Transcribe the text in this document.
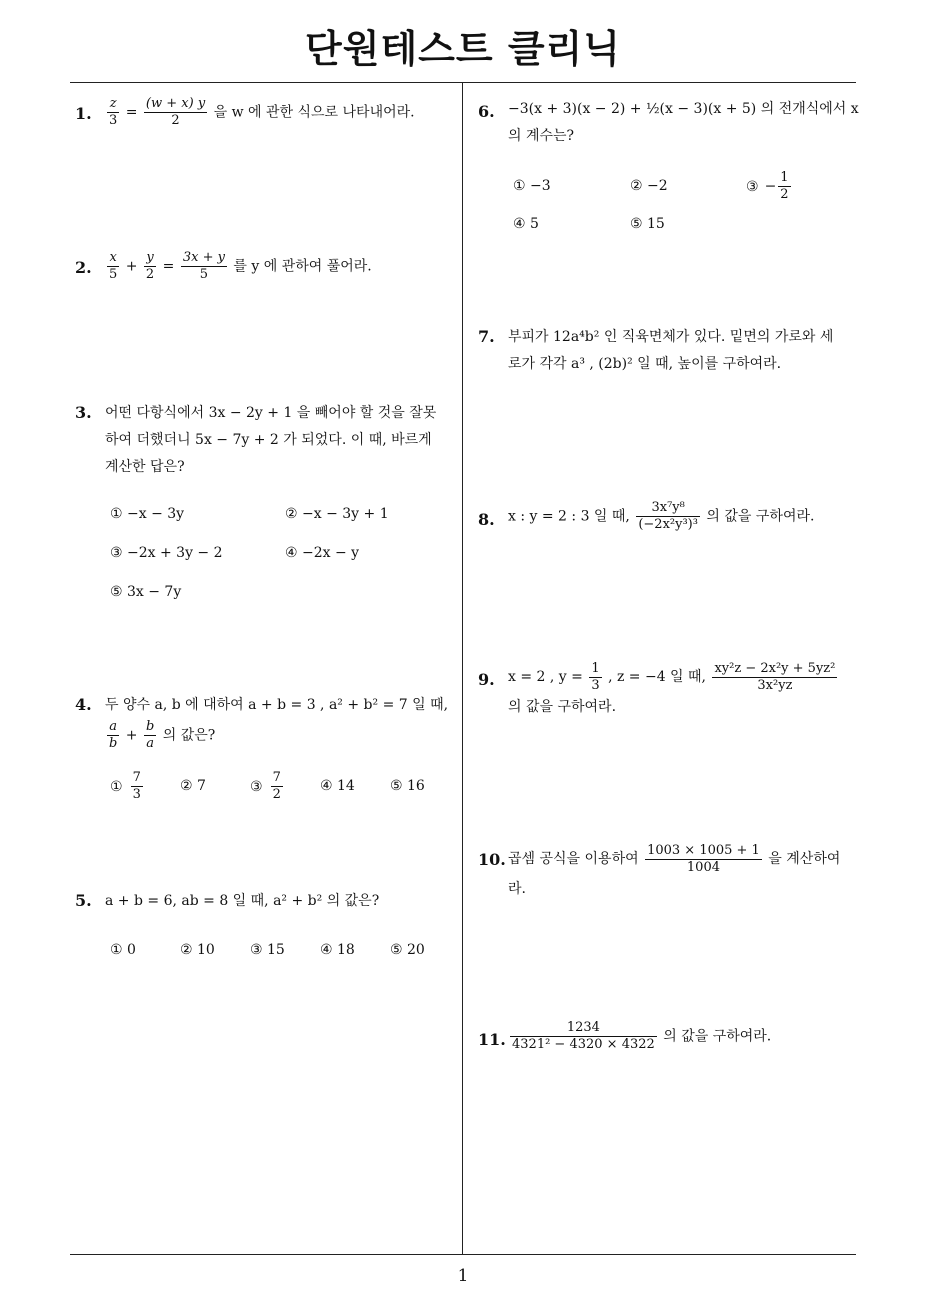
단원테스트 클리닉
1
1. $\frac{z}{3} = \frac{(w + x) y}{2}$ 을 w 에 관한 식으로 나타내어라.
2. $\frac{x}{5} + \frac{y}{2} = \frac{3x + y}{5}$ 를 y 에 관하여 풀어라.
3. 어떤 다항식에서 3x − 2y + 1 을 빼어야 할 것을 잘못
하여 더했더니 5x − 7y + 2 가 되었다. 이 때, 바르게
계산한 답은?
① −x − 3y	② −x − 3y + 1
③ −2x + 3y − 2	④ −2x − y
⑤ 3x − 7y
4. 두 양수 a, b 에 대하여 a + b = 3 , a² + b² = 7 일 때,
$\frac{a}{b} + \frac{b}{a}$ 의 값은?
① $\frac{7}{3}$	② 7	③ $\frac{7}{2}$	④ 14	⑤ 16
5. a + b = 6, ab = 8 일 때, a² + b² 의 값은?
① 0	② 10	③ 15	④ 18	⑤ 20
6. −3(x + 3)(x − 2) + ½(x − 3)(x + 5) 의 전개식에서 x
의 계수는?
① −3	② −2	③ − $\frac{1}{2}$
④ 5	⑤ 15
7. 부피가 12a⁴b² 인 직육면체가 있다. 밑면의 가로와 세
로가 각각 a³ , (2b)² 일 때, 높이를 구하여라.
8. x : y = 2 : 3 일 때, $\frac{\text{3x⁷y⁸}}{\text{(−2x²y³)³}}$ 의 값을 구하여라.
9. x = 2 , $y = \frac{1}{3}$ , z = −4 일 때, $\frac{\text{xy²z − 2x²y + 5yz²}}{\text{3x²yz}}$
의 값을 구하여라.
10. 곱셈 공식을 이용하여 $\frac{1003 \times 1005 + 1}{1004}$ 을 계산하여
라.
11. $\frac{1234}{\text{4321² − 4320 × 4322}}$ 의 값을 구하여라.
